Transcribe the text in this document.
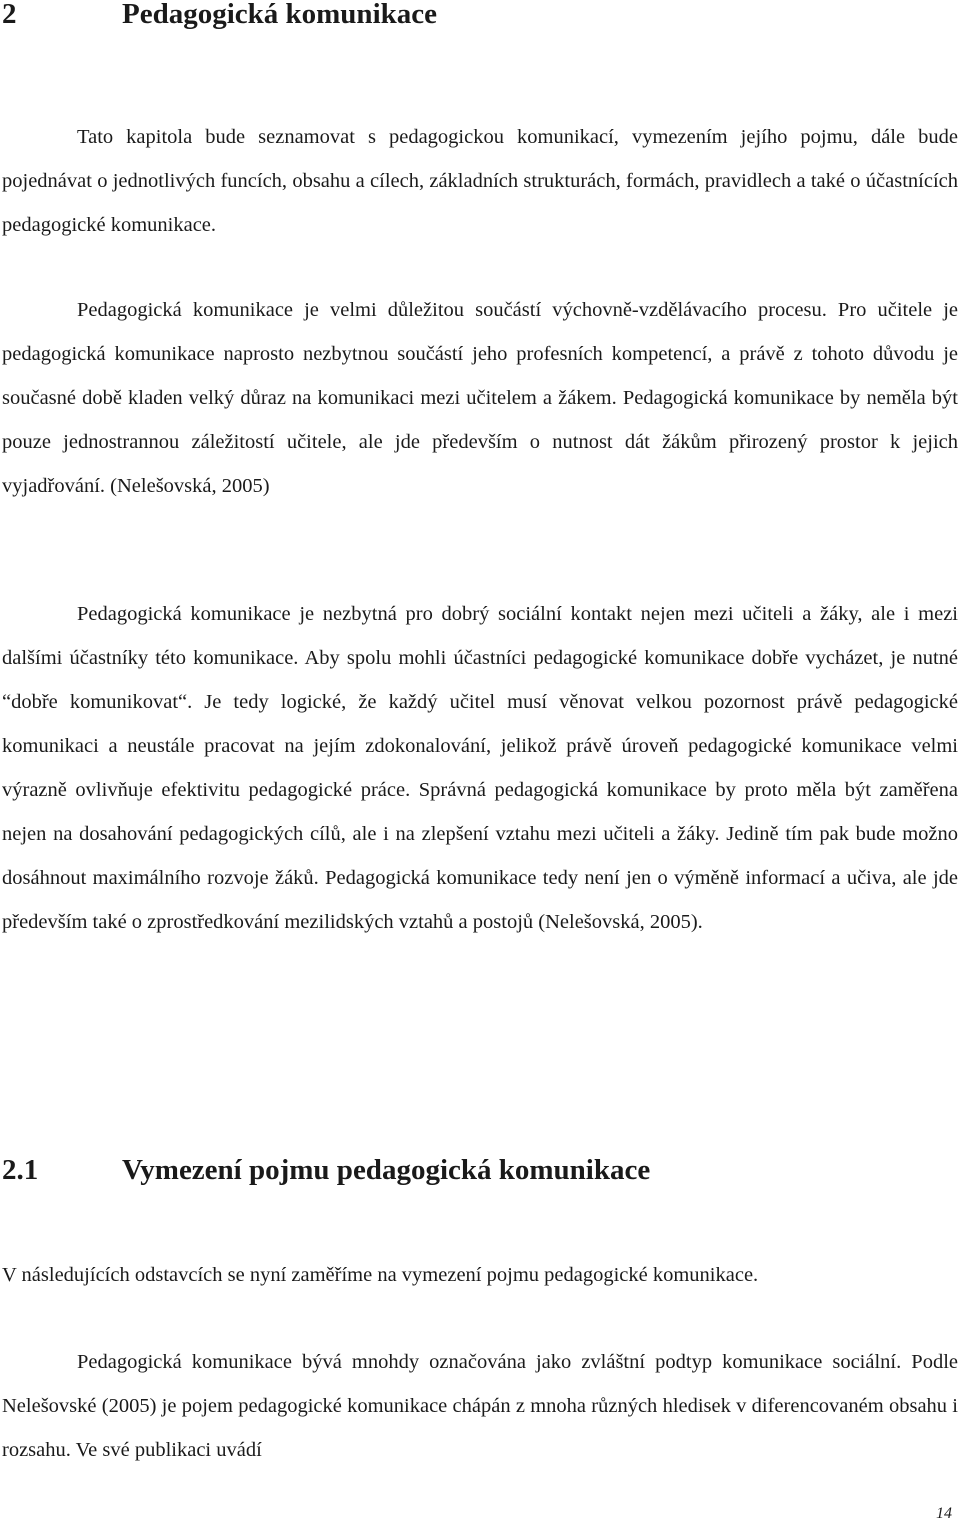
2	Pedagogická komunikace

Tato kapitola bude seznamovat s pedagogickou komunikací, vymezením jejího pojmu, dále bude pojednávat o jednotlivých funcích, obsahu a cílech, základních strukturách, formách, pravidlech a také o účastnících pedagogické komunikace.

Pedagogická komunikace je velmi důležitou součástí výchovně-vzdělávacího procesu. Pro učitele je pedagogická komunikace naprosto nezbytnou součástí jeho profesních kompetencí, a právě z tohoto důvodu je současné době kladen velký důraz na komunikaci mezi učitelem a žákem. Pedagogická komunikace by neměla být pouze jednostrannou záležitostí učitele, ale jde především o nutnost dát žákům přirozený prostor k jejich vyjadřování. (Nelešovská, 2005)

Pedagogická komunikace je nezbytná pro dobrý sociální kontakt nejen mezi učiteli a žáky, ale i mezi dalšími účastníky této komunikace. Aby spolu mohli účastníci pedagogické komunikace dobře vycházet, je nutné “dobře komunikovat“. Je tedy logické, že každý učitel musí věnovat velkou pozornost právě pedagogické komunikaci a neustále pracovat na jejím zdokonalování, jelikož právě úroveň pedagogické komunikace velmi výrazně ovlivňuje efektivitu pedagogické práce. Správná pedagogická komunikace by proto měla být zaměřena nejen na dosahování pedagogických cílů, ale i na zlepšení vztahu mezi učiteli a žáky. Jedině tím pak bude možno dosáhnout maximálního rozvoje žáků. Pedagogická komunikace tedy není jen o výměně informací a učiva, ale jde především také o zprostředkování mezilidských vztahů a postojů (Nelešovská, 2005).

2.1	Vymezení pojmu pedagogická komunikace

V následujících odstavcích se nyní zaměříme na vymezení pojmu pedagogické komunikace.

Pedagogická komunikace bývá mnohdy označována jako zvláštní podtyp komunikace sociální. Podle Nelešovské (2005) je pojem pedagogické komunikace chápán z mnoha různých hledisek v diferencovaném obsahu i rozsahu. Ve své publikaci uvádí

14
